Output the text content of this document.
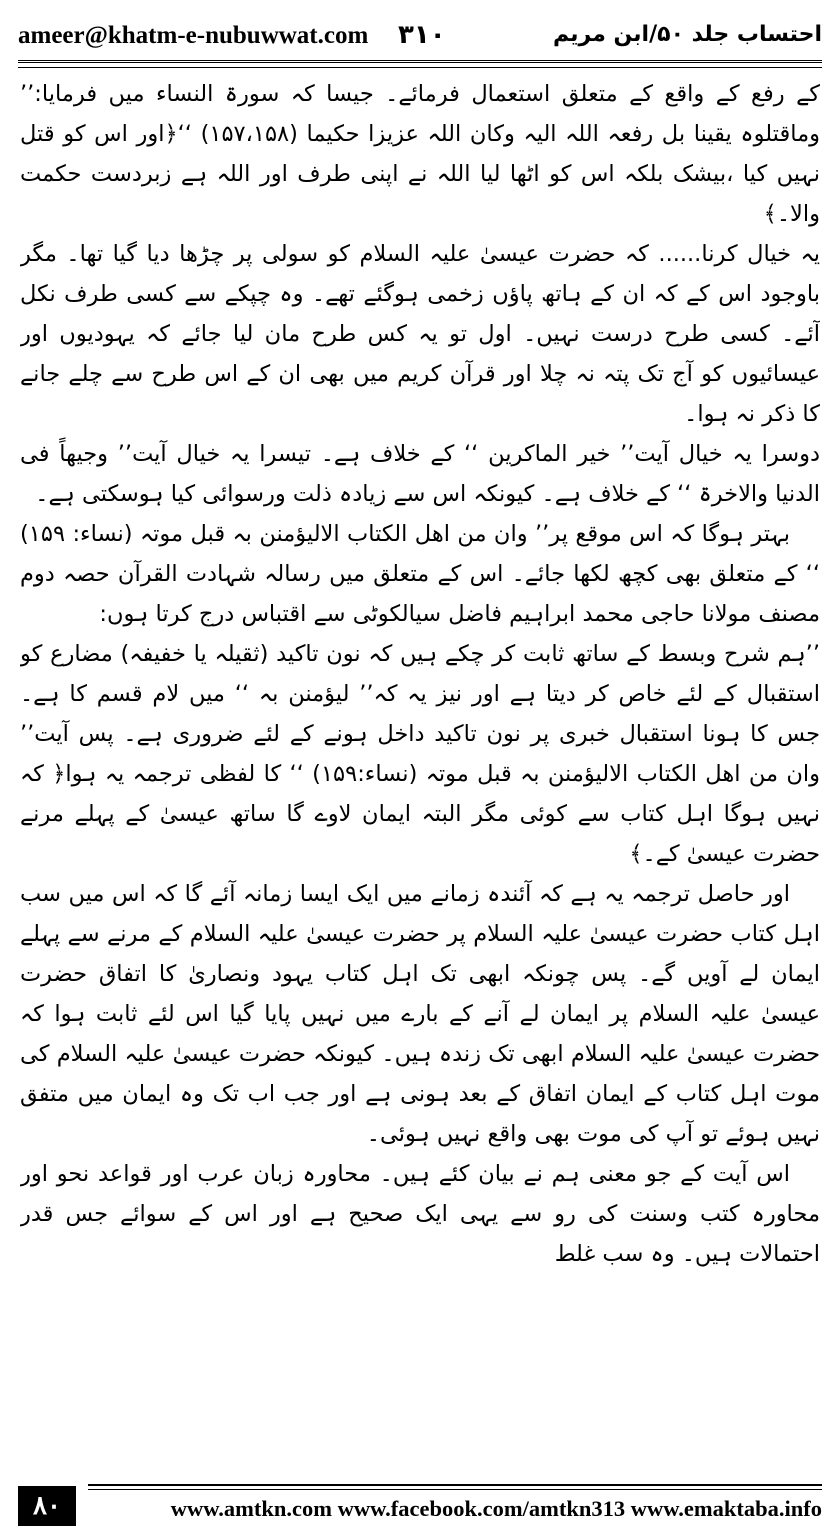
ameer@khatm-e-nubuwwat.com ۳۱۰	احتساب جلد ۵۰/ابن مریم

کے رفع کے واقع کے متعلق استعمال فرمائے۔ جیسا کہ سورۃ النساء میں فرمایا:’’ وماقتلوہ یقینا بل رفعہ اللہ الیہ وکان اللہ عزیزا حکیما (۱۵۷،۱۵۸) ‘‘﴿اور اس کو قتل نہیں کیا ،بیشک بلکہ اس کو اٹھا لیا اللہ نے اپنی طرف اور اللہ ہے زبردست حکمت والا۔﴾

یہ خیال کرنا...... کہ حضرت عیسیٰ علیہ السلام کو سولی پر چڑھا دیا گیا تھا۔ مگر باوجود اس کے کہ ان کے ہاتھ پاؤں زخمی ہوگئے تھے۔ وہ چپکے سے کسی طرف نکل آئے۔ کسی طرح درست نہیں۔ اول تو یہ کس طرح مان لیا جائے کہ یہودیوں اور عیسائیوں کو آج تک پتہ نہ چلا اور قرآن کریم میں بھی ان کے اس طرح سے چلے جانے کا ذکر نہ ہوا۔

دوسرا یہ خیال آیت’’ خیر الماکرین ‘‘ کے خلاف ہے۔ تیسرا یہ خیال آیت’’ وجیھاً فی الدنیا والاخرۃ ‘‘ کے خلاف ہے۔ کیونکہ اس سے زیادہ ذلت ورسوائی کیا ہوسکتی ہے۔

بہتر ہوگا کہ اس موقع پر’’ وان من اھل الکتاب الالیؤمنن بہ قبل موتہ (نساء: ۱۵۹) ‘‘ کے متعلق بھی کچھ لکھا جائے۔ اس کے متعلق میں رسالہ شہادت القرآن حصہ دوم مصنف مولانا حاجی محمد ابراہیم فاضل سیالکوٹی سے اقتباس درج کرتا ہوں:

’’ہم شرح وبسط کے ساتھ ثابت کر چکے ہیں کہ نون تاکید (ثقیلہ یا خفیفہ) مضارع کو استقبال کے لئے خاص کر دیتا ہے اور نیز یہ کہ’’ لیؤمنن بہ ‘‘ میں لام قسم کا ہے۔ جس کا ہونا استقبال خبری پر نون تاکید داخل ہونے کے لئے ضروری ہے۔ پس آیت’’ وان من اھل الکتاب الالیؤمنن بہ قبل موتہ (نساء:۱۵۹) ‘‘ کا لفظی ترجمہ یہ ہوا﴿ کہ نہیں ہوگا اہل کتاب سے کوئی مگر البتہ ایمان لاوے گا ساتھ عیسیٰ کے پہلے مرنے حضرت عیسیٰ کے۔﴾

اور حاصل ترجمہ یہ ہے کہ آئندہ زمانے میں ایک ایسا زمانہ آئے گا کہ اس میں سب اہل کتاب حضرت عیسیٰ علیہ السلام پر حضرت عیسیٰ علیہ السلام کے مرنے سے پہلے ایمان لے آویں گے۔ پس چونکہ ابھی تک اہل کتاب یہود ونصاریٰ کا اتفاق حضرت عیسیٰ علیہ السلام پر ایمان لے آنے کے بارے میں نہیں پایا گیا اس لئے ثابت ہوا کہ حضرت عیسیٰ علیہ السلام ابھی تک زندہ ہیں۔ کیونکہ حضرت عیسیٰ علیہ السلام کی موت اہل کتاب کے ایمان اتفاق کے بعد ہونی ہے اور جب اب تک وہ ایمان میں متفق نہیں ہوئے تو آپ کی موت بھی واقع نہیں ہوئی۔

اس آیت کے جو معنی ہم نے بیان کئے ہیں۔ محاورہ زبان عرب اور قواعد نحو اور محاورہ کتب وسنت کی رو سے یہی ایک صحیح ہے اور اس کے سوائے جس قدر احتمالات ہیں۔ وہ سب غلط

۸۰	www.amtkn.com www.facebook.com/amtkn313 www.emaktaba.info
